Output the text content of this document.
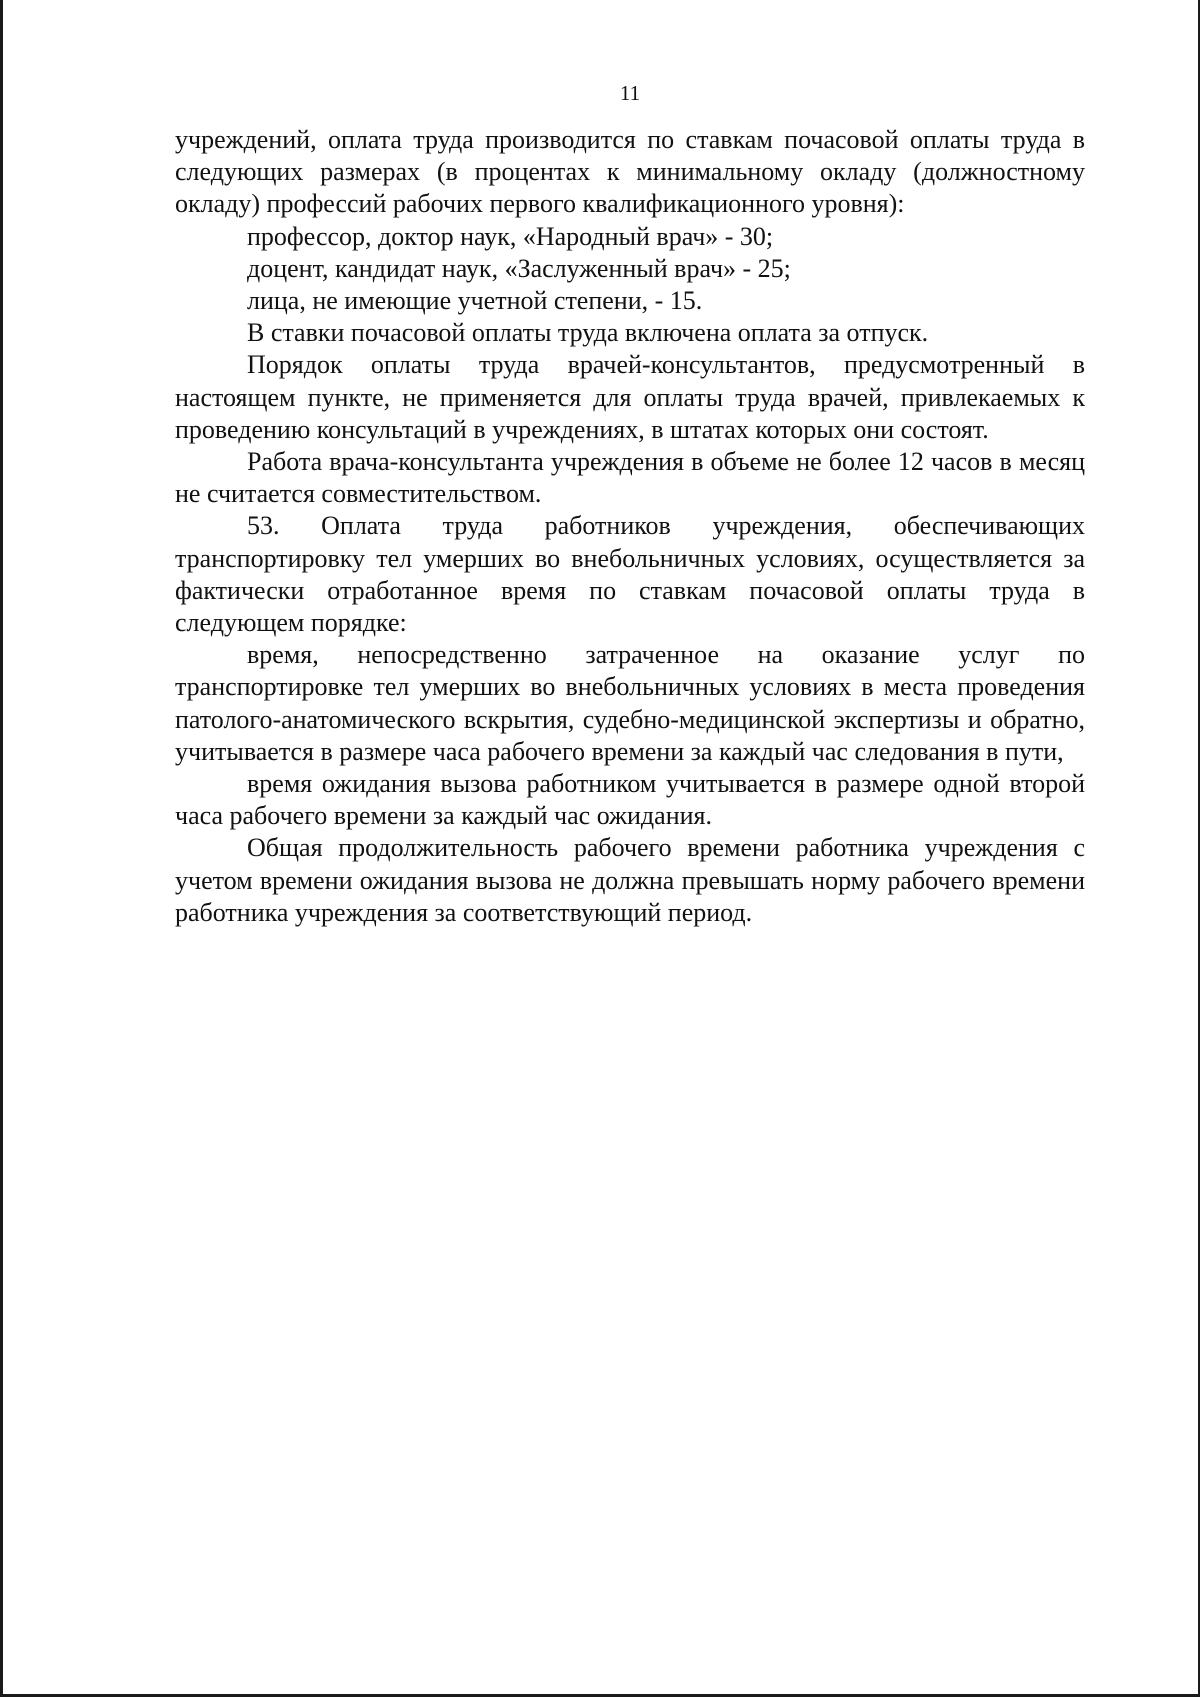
11

учреждений, оплата труда производится по ставкам почасовой оплаты труда в следующих размерах (в процентах к минимальному окладу (должностному окладу) профессий рабочих первого квалификационного уровня):

профессор, доктор наук, «Народный врач» - 30;

доцент, кандидат наук, «Заслуженный врач» - 25;

лица, не имеющие учетной степени, - 15.

В ставки почасовой оплаты труда включена оплата за отпуск.

Порядок оплаты труда врачей-консультантов, предусмотренный в настоящем пункте, не применяется для оплаты труда врачей, привлекаемых к проведению консультаций в учреждениях, в штатах которых они состоят.

Работа врача-консультанта учреждения в объеме не более 12 часов в месяц не считается совместительством.

53. Оплата труда работников учреждения, обеспечивающих транспортировку тел умерших во внебольничных условиях, осуществляется за фактически отработанное время по ставкам почасовой оплаты труда в следующем порядке:

время, непосредственно затраченное на оказание услуг по транспортировке тел умерших во внебольничных условиях в места проведения патолого-анатомического вскрытия, судебно-медицинской экспертизы и обратно, учитывается в размере часа рабочего времени за каждый час следования в пути,

время ожидания вызова работником учитывается в размере одной второй часа рабочего времени за каждый час ожидания.

Общая продолжительность рабочего времени работника учреждения с учетом времени ожидания вызова не должна превышать норму рабочего времени работника учреждения за соответствующий период.
